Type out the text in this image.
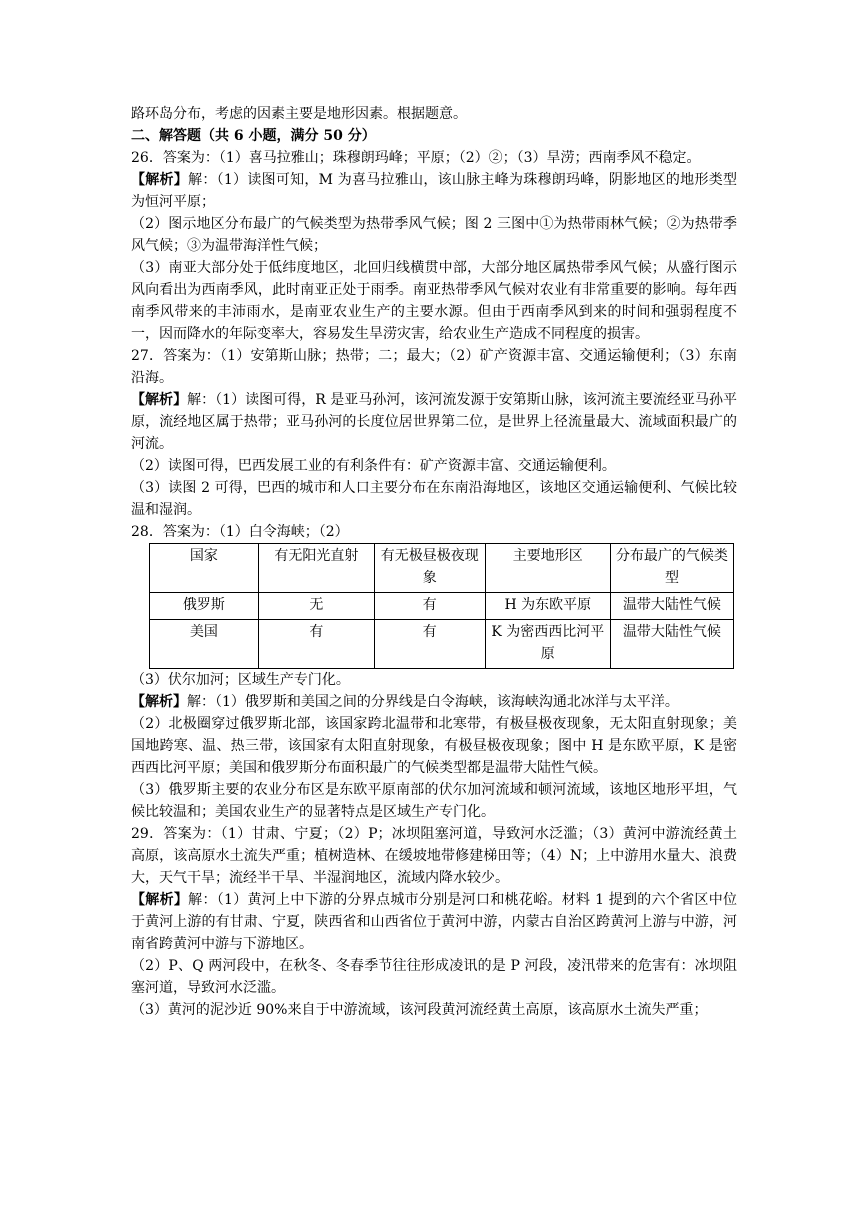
路环岛分布，考虑的因素主要是地形因素。根据题意。

二、解答题（共 6 小题，满分 50 分）

26．答案为：（1）喜马拉雅山；珠穆朗玛峰；平原；（2）②；（3）旱涝；西南季风不稳定。

【解析】解：（1）读图可知，M 为喜马拉雅山，该山脉主峰为珠穆朗玛峰，阴影地区的地形类型为恒河平原；

（2）图示地区分布最广的气候类型为热带季风气候；图 2 三图中①为热带雨林气候；②为热带季风气候；③为温带海洋性气候；

（3）南亚大部分处于低纬度地区，北回归线横贯中部，大部分地区属热带季风气候；从盛行图示风向看出为西南季风，此时南亚正处于雨季。南亚热带季风气候对农业有非常重要的影响。每年西南季风带来的丰沛雨水，是南亚农业生产的主要水源。但由于西南季风到来的时间和强弱程度不一，因而降水的年际变率大，容易发生旱涝灾害，给农业生产造成不同程度的损害。

27．答案为：（1）安第斯山脉；热带；二；最大；（2）矿产资源丰富、交通运输便利；（3）东南沿海。

【解析】解：（1）读图可得，R 是亚马孙河，该河流发源于安第斯山脉，该河流主要流经亚马孙平原，流经地区属于热带；亚马孙河的长度位居世界第二位，是世界上径流量最大、流域面积最广的河流。

（2）读图可得，巴西发展工业的有利条件有：矿产资源丰富、交通运输便利。

（3）读图 2 可得，巴西的城市和人口主要分布在东南沿海地区，该地区交通运输便利、气候比较温和湿润。

28．答案为：（1）白令海峡；（2）

国家	有无阳光直射	有无极昼极夜现象	主要地形区	分布最广的气候类型
俄罗斯	无	有	H 为东欧平原	温带大陆性气候
美国	有	有	K 为密西西比河平原	温带大陆性气候

（3）伏尔加河；区域生产专门化。

【解析】解：（1）俄罗斯和美国之间的分界线是白令海峡，该海峡沟通北冰洋与太平洋。

（2）北极圈穿过俄罗斯北部，该国家跨北温带和北寒带，有极昼极夜现象，无太阳直射现象；美国地跨寒、温、热三带，该国家有太阳直射现象，有极昼极夜现象；图中 H 是东欧平原，K 是密西西比河平原；美国和俄罗斯分布面积最广的气候类型都是温带大陆性气候。

（3）俄罗斯主要的农业分布区是东欧平原南部的伏尔加河流域和顿河流域，该地区地形平坦，气候比较温和；美国农业生产的显著特点是区域生产专门化。

29．答案为：（1）甘肃、宁夏；（2）P；冰坝阻塞河道，导致河水泛滥；（3）黄河中游流经黄土高原，该高原水土流失严重；植树造林、在缓坡地带修建梯田等；（4）N；上中游用水量大、浪费大，天气干旱；流经半干旱、半湿润地区，流域内降水较少。

【解析】解：（1）黄河上中下游的分界点城市分别是河口和桃花峪。材料 1 提到的六个省区中位于黄河上游的有甘肃、宁夏，陕西省和山西省位于黄河中游，内蒙古自治区跨黄河上游与中游，河南省跨黄河中游与下游地区。

（2）P、Q 两河段中，在秋冬、冬春季节往往形成凌讯的是 P 河段，凌汛带来的危害有：冰坝阻塞河道，导致河水泛滥。

（3）黄河的泥沙近 90%来自于中游流域，该河段黄河流经黄土高原，该高原水土流失严重；
